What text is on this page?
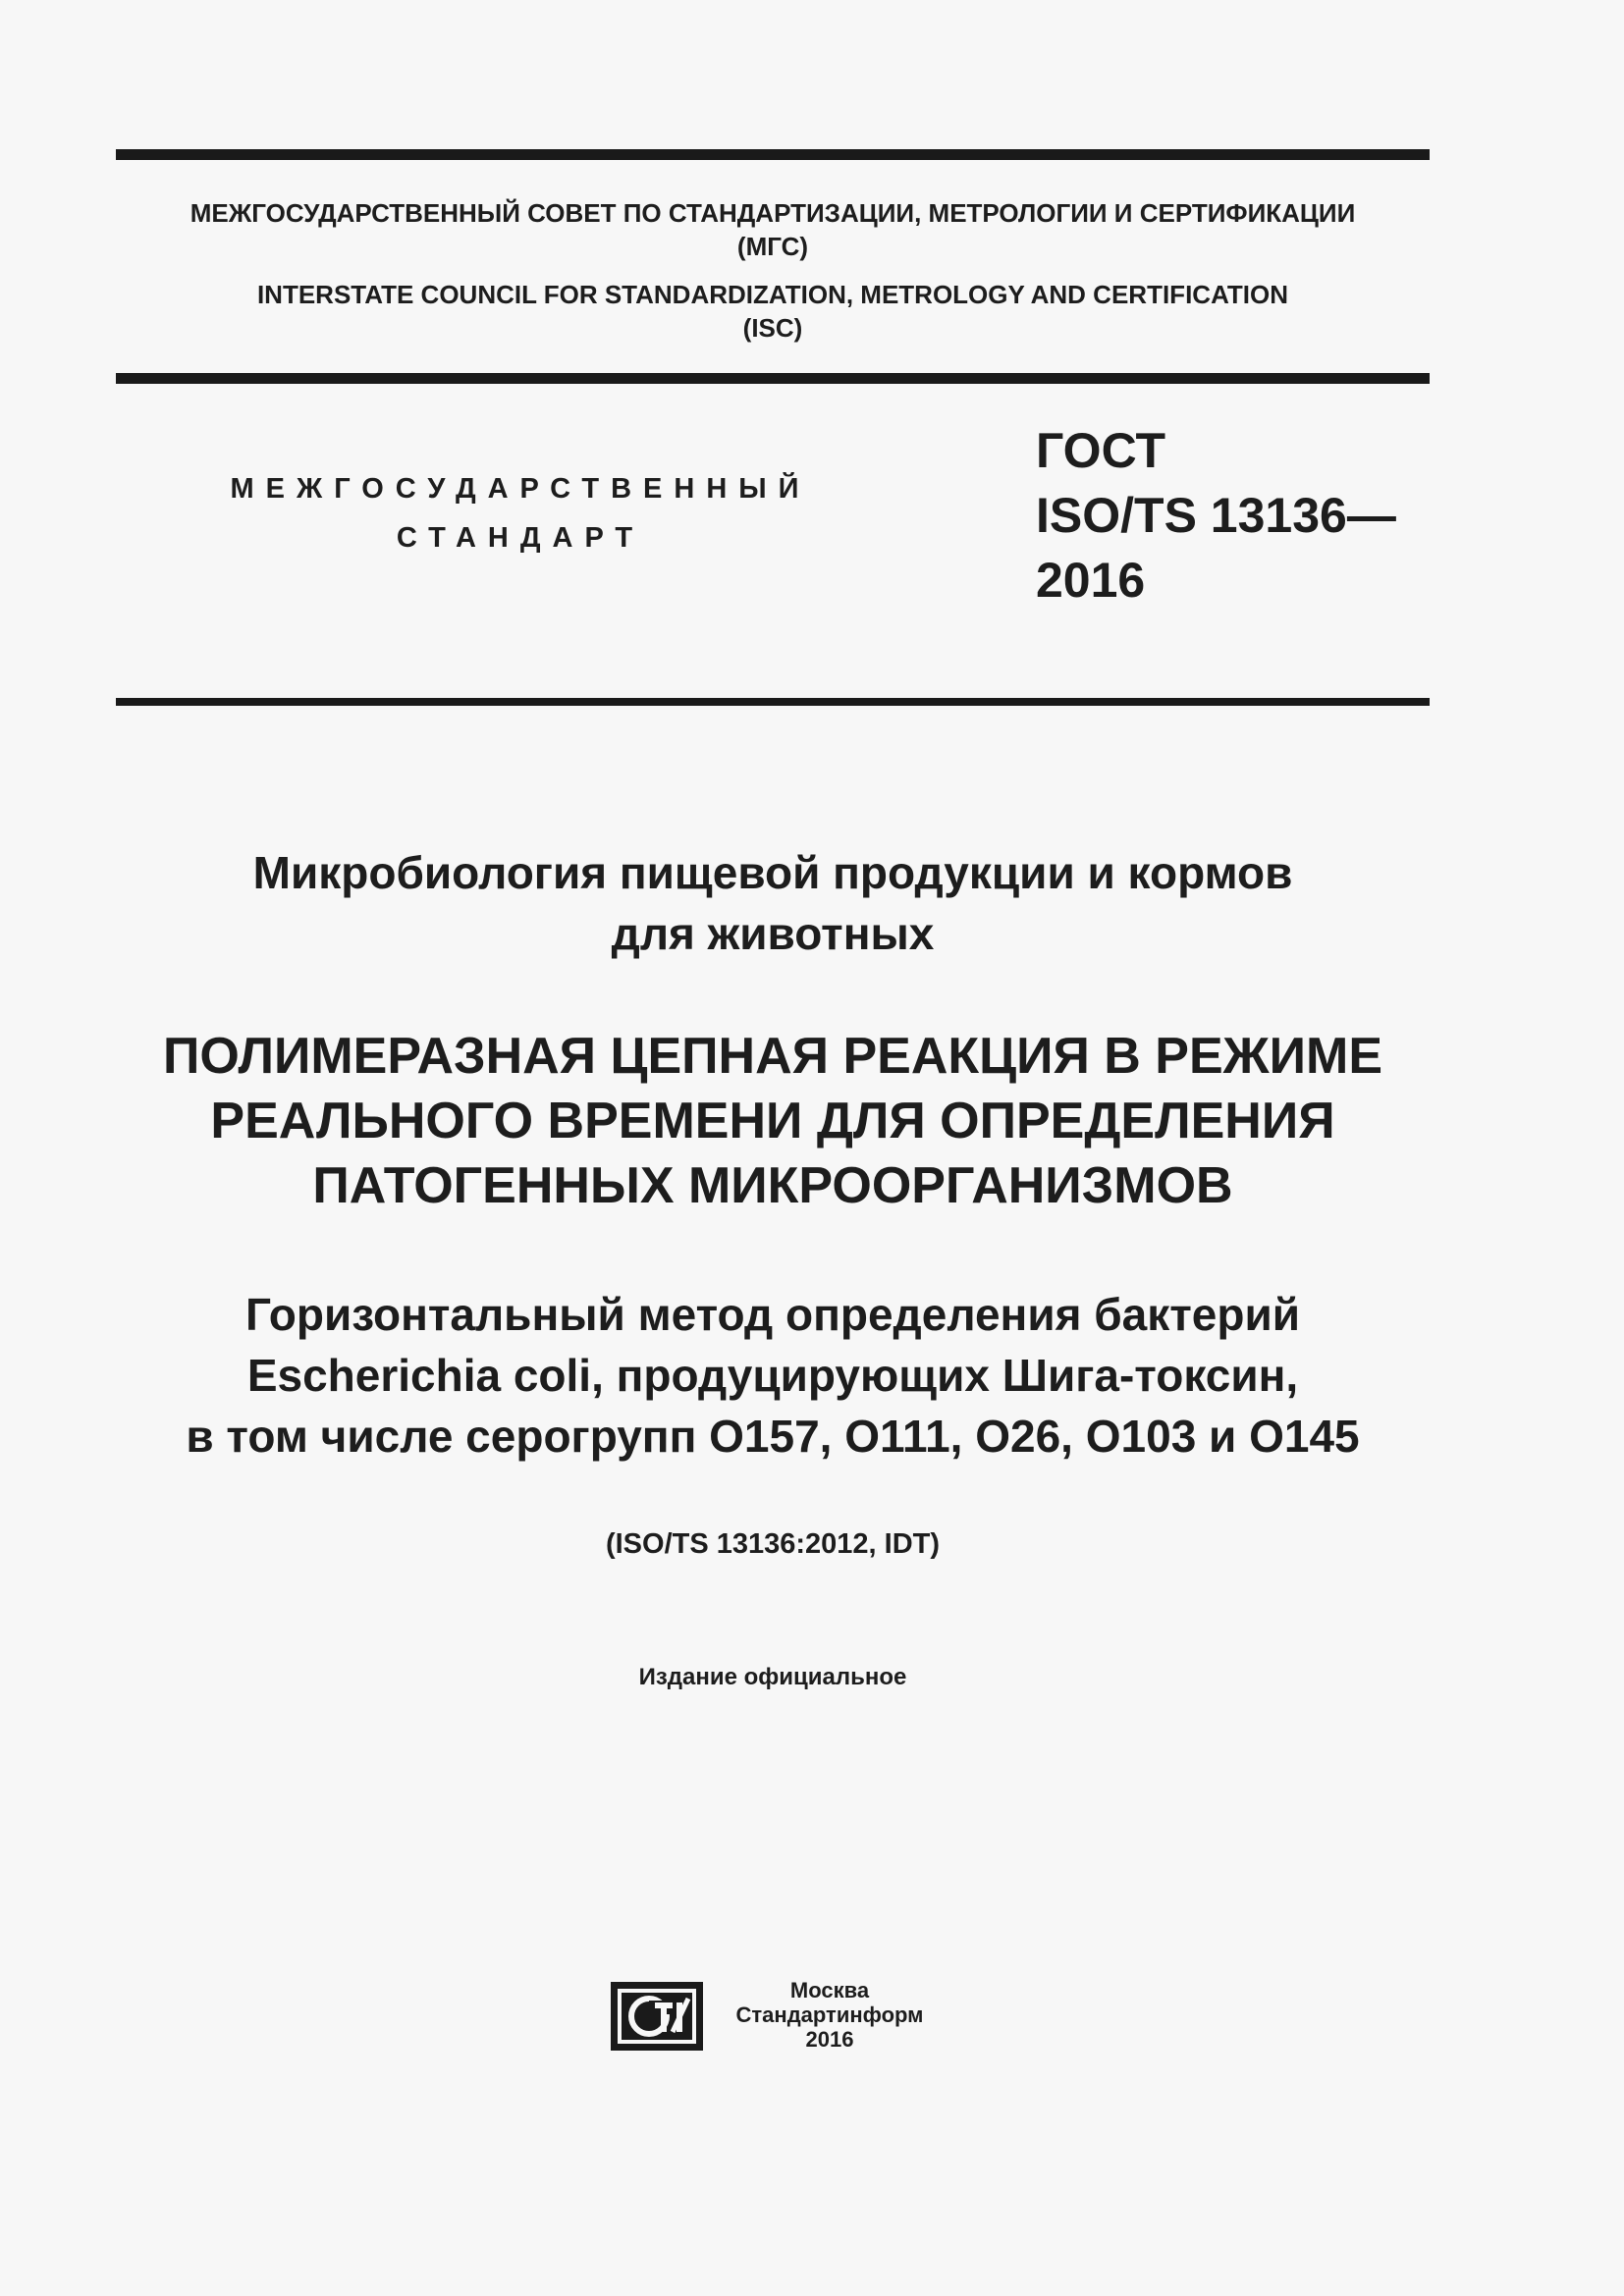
МЕЖГОСУДАРСТВЕННЫЙ СОВЕТ ПО СТАНДАРТИЗАЦИИ, МЕТРОЛОГИИ И СЕРТИФИКАЦИИ
(МГС)
INTERSTATE COUNCIL FOR STANDARDIZATION, METROLOGY AND CERTIFICATION
(ISC)
МЕЖГОСУДАРСТВЕННЫЙ
СТАНДАРТ
ГОСТ
ISO/TS 13136—
2016
Микробиология пищевой продукции и кормов
для животных
ПОЛИМЕРАЗНАЯ ЦЕПНАЯ РЕАКЦИЯ В РЕЖИМЕ
РЕАЛЬНОГО ВРЕМЕНИ ДЛЯ ОПРЕДЕЛЕНИЯ
ПАТОГЕННЫХ МИКРООРГАНИЗМОВ
Горизонтальный метод определения бактерий
Escherichia coli, продуцирующих Шига-токсин,
в том числе серогрупп O157, O111, O26, O103 и O145
(ISO/TS 13136:2012, IDT)
Издание официальное
Москва
Стандартинформ
2016
